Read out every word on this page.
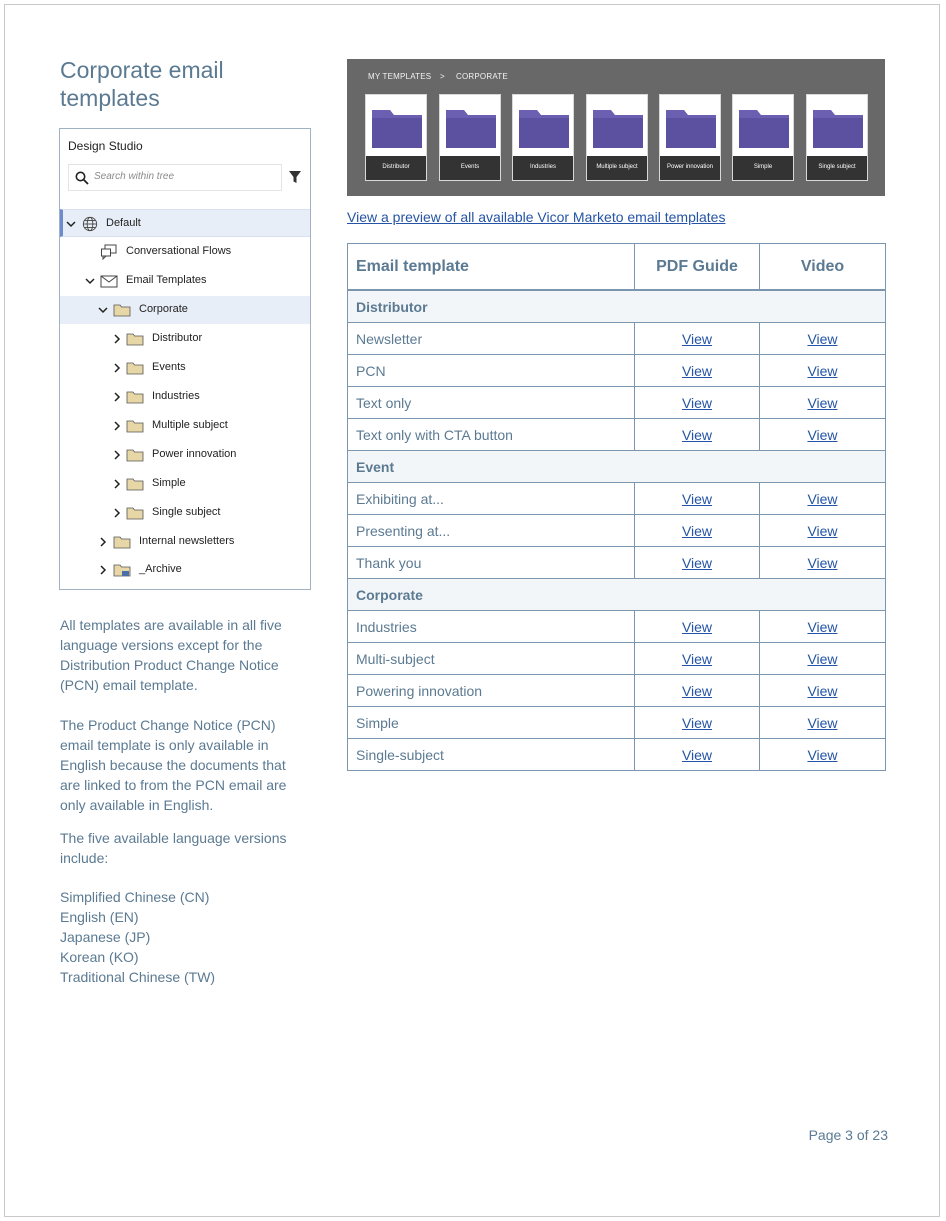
Corporate email templates
Design Studio
Search within tree
Default
Conversational Flows
Email Templates
Corporate
Distributor
Events
Industries
Multiple subject
Power innovation
Simple
Single subject
Internal newsletters
_Archive

All templates are available in all five language versions except for the Distribution Product Change Notice (PCN) email template.

The Product Change Notice (PCN) email template is only available in English because the documents that are linked to from the PCN email are only available in English.

The five available language versions include:

Simplified Chinese (CN)
English (EN)
Japanese (JP)
Korean (KO)
Traditional Chinese (TW)
MY TEMPLATES > CORPORATE
Distributor	Events	Industries	Multiple subject	Power innovation	Simple	Single subject
View a preview of all available Vicor Marketo email templates
Email template	PDF Guide	Video
Distributor		
Newsletter	View	View
PCN	View	View
Text only	View	View
Text only with CTA button	View	View
Event		
Exhibiting at...	View	View
Presenting at...	View	View
Thank you	View	View
Corporate		
Industries	View	View
Multi-subject	View	View
Powering innovation	View	View
Simple	View	View
Single-subject	View	View
Page 3 of 23
